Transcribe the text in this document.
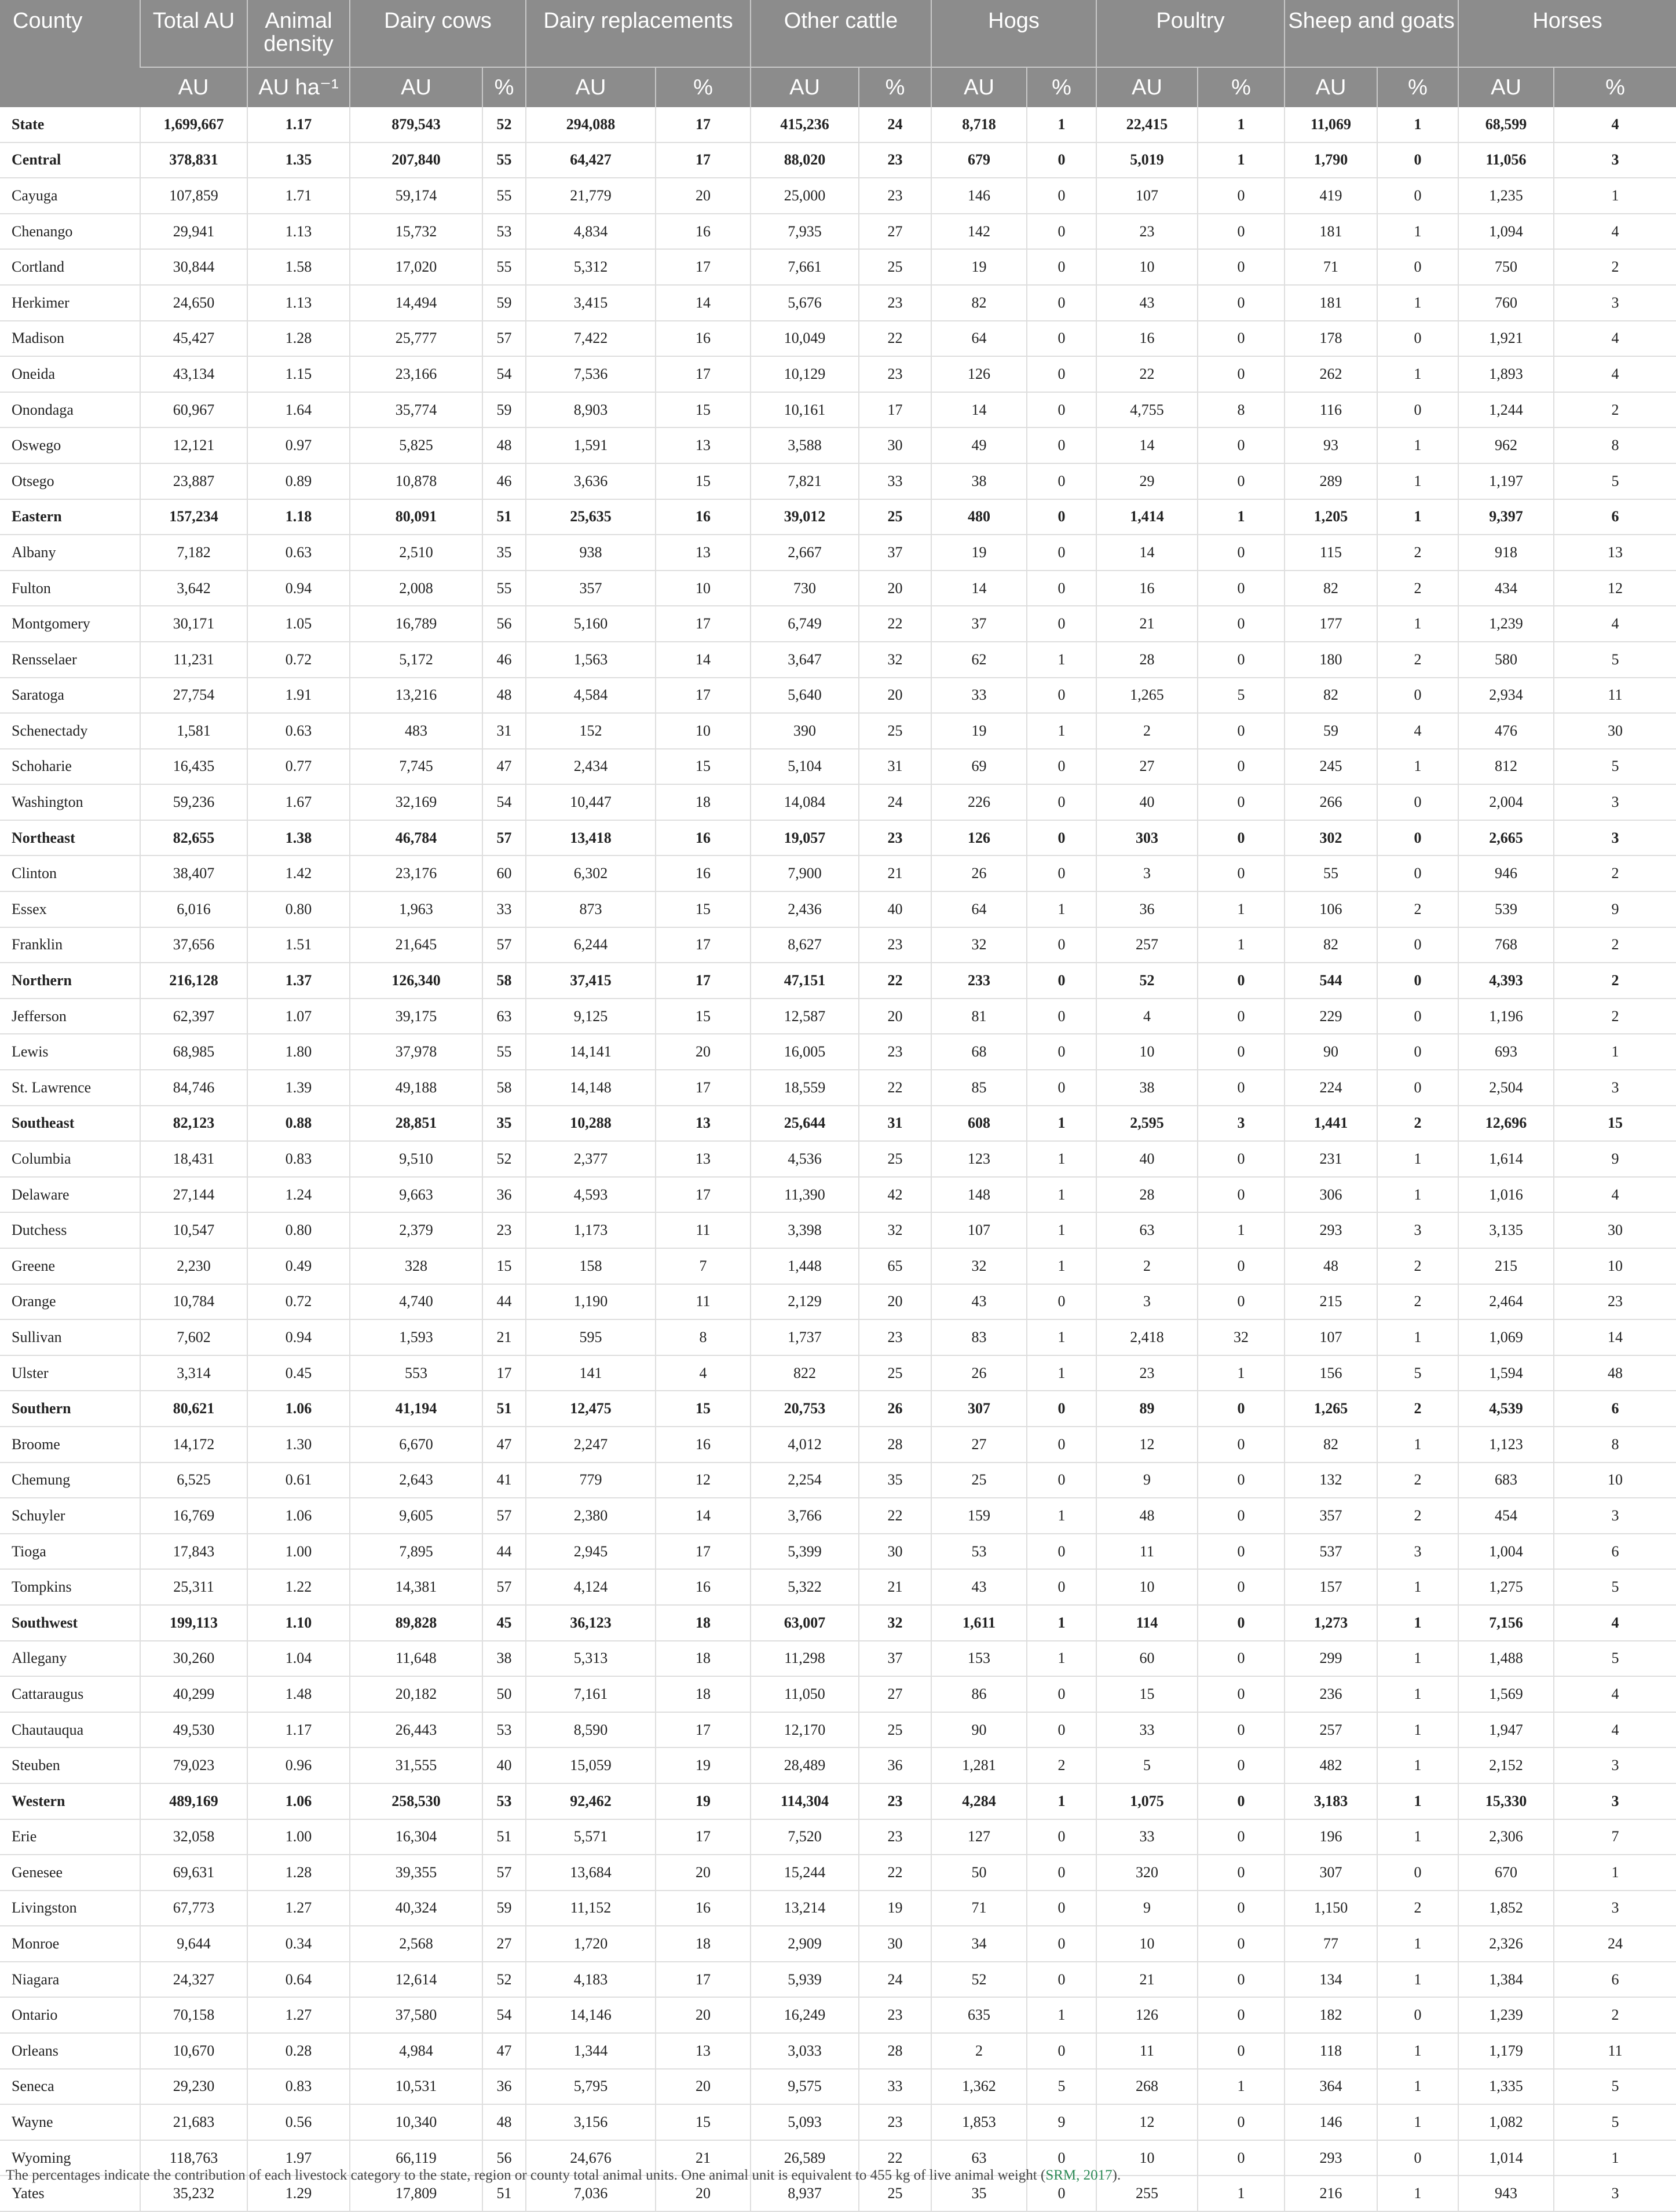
County	Total AU	Animal density	Dairy cows		Dairy replacements		Other cattle		Hogs		Poultry		Sheep and goats		Horses	
	AU	AU ha⁻¹	AU	%	AU	%	AU	%	AU	%	AU	%	AU	%	AU	%
State	1,699,667	1.17	879,543	52	294,088	17	415,236	24	8,718	1	22,415	1	11,069	1	68,599	4
Central	378,831	1.35	207,840	55	64,427	17	88,020	23	679	0	5,019	1	1,790	0	11,056	3
Cayuga	107,859	1.71	59,174	55	21,779	20	25,000	23	146	0	107	0	419	0	1,235	1
Chenango	29,941	1.13	15,732	53	4,834	16	7,935	27	142	0	23	0	181	1	1,094	4
Cortland	30,844	1.58	17,020	55	5,312	17	7,661	25	19	0	10	0	71	0	750	2
Herkimer	24,650	1.13	14,494	59	3,415	14	5,676	23	82	0	43	0	181	1	760	3
Madison	45,427	1.28	25,777	57	7,422	16	10,049	22	64	0	16	0	178	0	1,921	4
Oneida	43,134	1.15	23,166	54	7,536	17	10,129	23	126	0	22	0	262	1	1,893	4
Onondaga	60,967	1.64	35,774	59	8,903	15	10,161	17	14	0	4,755	8	116	0	1,244	2
Oswego	12,121	0.97	5,825	48	1,591	13	3,588	30	49	0	14	0	93	1	962	8
Otsego	23,887	0.89	10,878	46	3,636	15	7,821	33	38	0	29	0	289	1	1,197	5
Eastern	157,234	1.18	80,091	51	25,635	16	39,012	25	480	0	1,414	1	1,205	1	9,397	6
Albany	7,182	0.63	2,510	35	938	13	2,667	37	19	0	14	0	115	2	918	13
Fulton	3,642	0.94	2,008	55	357	10	730	20	14	0	16	0	82	2	434	12
Montgomery	30,171	1.05	16,789	56	5,160	17	6,749	22	37	0	21	0	177	1	1,239	4
Rensselaer	11,231	0.72	5,172	46	1,563	14	3,647	32	62	1	28	0	180	2	580	5
Saratoga	27,754	1.91	13,216	48	4,584	17	5,640	20	33	0	1,265	5	82	0	2,934	11
Schenectady	1,581	0.63	483	31	152	10	390	25	19	1	2	0	59	4	476	30
Schoharie	16,435	0.77	7,745	47	2,434	15	5,104	31	69	0	27	0	245	1	812	5
Washington	59,236	1.67	32,169	54	10,447	18	14,084	24	226	0	40	0	266	0	2,004	3
Northeast	82,655	1.38	46,784	57	13,418	16	19,057	23	126	0	303	0	302	0	2,665	3
Clinton	38,407	1.42	23,176	60	6,302	16	7,900	21	26	0	3	0	55	0	946	2
Essex	6,016	0.80	1,963	33	873	15	2,436	40	64	1	36	1	106	2	539	9
Franklin	37,656	1.51	21,645	57	6,244	17	8,627	23	32	0	257	1	82	0	768	2
Northern	216,128	1.37	126,340	58	37,415	17	47,151	22	233	0	52	0	544	0	4,393	2
Jefferson	62,397	1.07	39,175	63	9,125	15	12,587	20	81	0	4	0	229	0	1,196	2
Lewis	68,985	1.80	37,978	55	14,141	20	16,005	23	68	0	10	0	90	0	693	1
St. Lawrence	84,746	1.39	49,188	58	14,148	17	18,559	22	85	0	38	0	224	0	2,504	3
Southeast	82,123	0.88	28,851	35	10,288	13	25,644	31	608	1	2,595	3	1,441	2	12,696	15
Columbia	18,431	0.83	9,510	52	2,377	13	4,536	25	123	1	40	0	231	1	1,614	9
Delaware	27,144	1.24	9,663	36	4,593	17	11,390	42	148	1	28	0	306	1	1,016	4
Dutchess	10,547	0.80	2,379	23	1,173	11	3,398	32	107	1	63	1	293	3	3,135	30
Greene	2,230	0.49	328	15	158	7	1,448	65	32	1	2	0	48	2	215	10
Orange	10,784	0.72	4,740	44	1,190	11	2,129	20	43	0	3	0	215	2	2,464	23
Sullivan	7,602	0.94	1,593	21	595	8	1,737	23	83	1	2,418	32	107	1	1,069	14
Ulster	3,314	0.45	553	17	141	4	822	25	26	1	23	1	156	5	1,594	48
Southern	80,621	1.06	41,194	51	12,475	15	20,753	26	307	0	89	0	1,265	2	4,539	6
Broome	14,172	1.30	6,670	47	2,247	16	4,012	28	27	0	12	0	82	1	1,123	8
Chemung	6,525	0.61	2,643	41	779	12	2,254	35	25	0	9	0	132	2	683	10
Schuyler	16,769	1.06	9,605	57	2,380	14	3,766	22	159	1	48	0	357	2	454	3
Tioga	17,843	1.00	7,895	44	2,945	17	5,399	30	53	0	11	0	537	3	1,004	6
Tompkins	25,311	1.22	14,381	57	4,124	16	5,322	21	43	0	10	0	157	1	1,275	5
Southwest	199,113	1.10	89,828	45	36,123	18	63,007	32	1,611	1	114	0	1,273	1	7,156	4
Allegany	30,260	1.04	11,648	38	5,313	18	11,298	37	153	1	60	0	299	1	1,488	5
Cattaraugus	40,299	1.48	20,182	50	7,161	18	11,050	27	86	0	15	0	236	1	1,569	4
Chautauqua	49,530	1.17	26,443	53	8,590	17	12,170	25	90	0	33	0	257	1	1,947	4
Steuben	79,023	0.96	31,555	40	15,059	19	28,489	36	1,281	2	5	0	482	1	2,152	3
Western	489,169	1.06	258,530	53	92,462	19	114,304	23	4,284	1	1,075	0	3,183	1	15,330	3
Erie	32,058	1.00	16,304	51	5,571	17	7,520	23	127	0	33	0	196	1	2,306	7
Genesee	69,631	1.28	39,355	57	13,684	20	15,244	22	50	0	320	0	307	0	670	1
Livingston	67,773	1.27	40,324	59	11,152	16	13,214	19	71	0	9	0	1,150	2	1,852	3
Monroe	9,644	0.34	2,568	27	1,720	18	2,909	30	34	0	10	0	77	1	2,326	24
Niagara	24,327	0.64	12,614	52	4,183	17	5,939	24	52	0	21	0	134	1	1,384	6
Ontario	70,158	1.27	37,580	54	14,146	20	16,249	23	635	1	126	0	182	0	1,239	2
Orleans	10,670	0.28	4,984	47	1,344	13	3,033	28	2	0	11	0	118	1	1,179	11
Seneca	29,230	0.83	10,531	36	5,795	20	9,575	33	1,362	5	268	1	364	1	1,335	5
Wayne	21,683	0.56	10,340	48	3,156	15	5,093	23	1,853	9	12	0	146	1	1,082	5
Wyoming	118,763	1.97	66,119	56	24,676	21	26,589	22	63	0	10	0	293	0	1,014	1
Yates	35,232	1.29	17,809	51	7,036	20	8,937	25	35	0	255	1	216	1	943	3
The percentages indicate the contribution of each livestock category to the state, region or county total animal units. One animal unit is equivalent to 455 kg of live animal weight (SRM, 2017).
